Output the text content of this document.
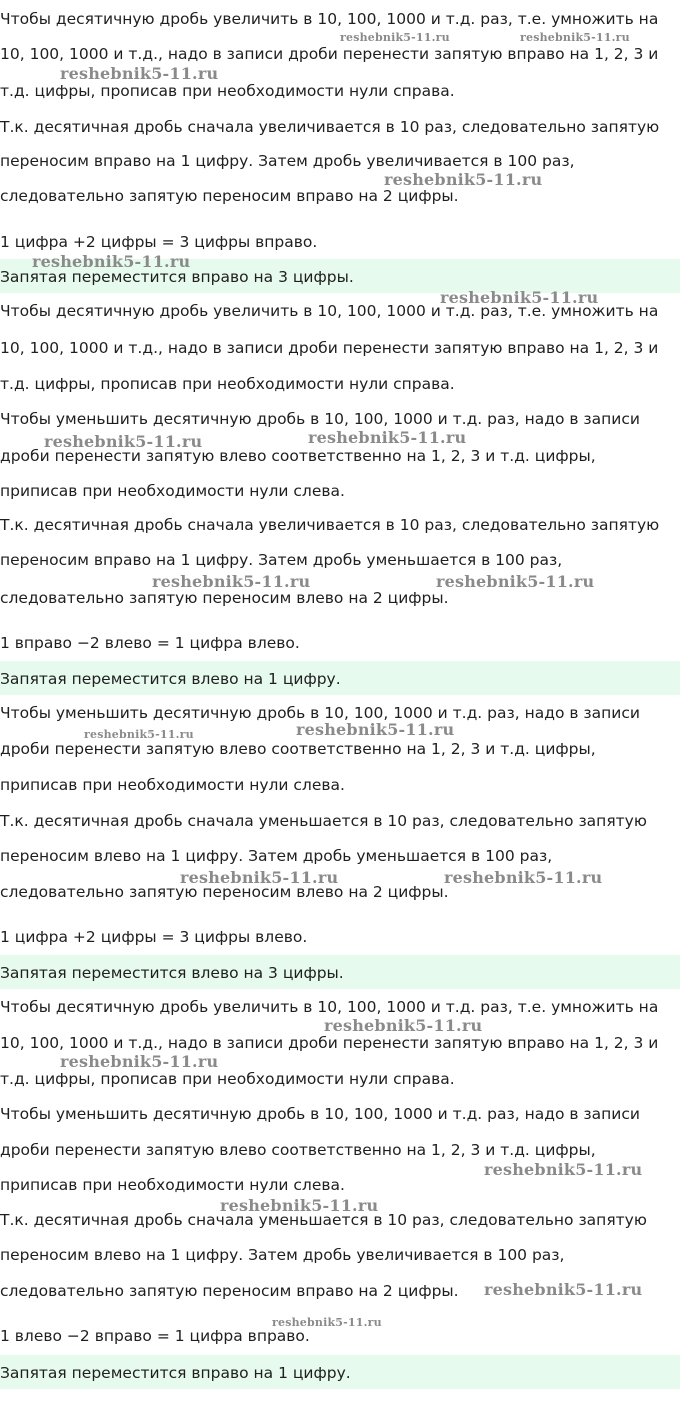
Чтобы десятичную дробь увеличить в 10, 100, 1000 и т.д. раз, т.е. умножить на
10, 100, 1000 и т.д., надо в записи дроби перенести запятую вправо на 1, 2, 3 и
т.д. цифры, прописав при необходимости нули справа.
Т.к. десятичная дробь сначала увеличивается в 10 раз, следовательно запятую
переносим вправо на 1 цифру. Затем дробь увеличивается в 100 раз,
следовательно запятую переносим вправо на 2 цифры.
1 цифра +2 цифры = 3 цифры вправо.
Запятая переместится вправо на 3 цифры.
Чтобы десятичную дробь увеличить в 10, 100, 1000 и т.д. раз, т.е. умножить на
10, 100, 1000 и т.д., надо в записи дроби перенести запятую вправо на 1, 2, 3 и
т.д. цифры, прописав при необходимости нули справа.
Чтобы уменьшить десятичную дробь в 10, 100, 1000 и т.д. раз, надо в записи
дроби перенести запятую влево соответственно на 1, 2, 3 и т.д. цифры,
приписав при необходимости нули слева.
Т.к. десятичная дробь сначала увеличивается в 10 раз, следовательно запятую
переносим вправо на 1 цифру. Затем дробь уменьшается в 100 раз,
следовательно запятую переносим влево на 2 цифры.
1 вправо −2 влево = 1 цифра влево.
Запятая переместится влево на 1 цифру.
Чтобы уменьшить десятичную дробь в 10, 100, 1000 и т.д. раз, надо в записи
дроби перенести запятую влево соответственно на 1, 2, 3 и т.д. цифры,
приписав при необходимости нули слева.
Т.к. десятичная дробь сначала уменьшается в 10 раз, следовательно запятую
переносим влево на 1 цифру. Затем дробь уменьшается в 100 раз,
следовательно запятую переносим влево на 2 цифры.
1 цифра +2 цифры = 3 цифры влево.
Запятая переместится влево на 3 цифры.
Чтобы десятичную дробь увеличить в 10, 100, 1000 и т.д. раз, т.е. умножить на
10, 100, 1000 и т.д., надо в записи дроби перенести запятую вправо на 1, 2, 3 и
т.д. цифры, прописав при необходимости нули справа.
Чтобы уменьшить десятичную дробь в 10, 100, 1000 и т.д. раз, надо в записи
дроби перенести запятую влево соответственно на 1, 2, 3 и т.д. цифры,
приписав при необходимости нули слева.
Т.к. десятичная дробь сначала уменьшается в 10 раз, следовательно запятую
переносим влево на 1 цифру. Затем дробь увеличивается в 100 раз,
следовательно запятую переносим вправо на 2 цифры.
1 влево −2 вправо = 1 цифра вправо.
Запятая переместится вправо на 1 цифру.
reshebnik5-11.ru	reshebnik5-11.ru
reshebnik5-11.ru
reshebnik5-11.ru
reshebnik5-11.ru
reshebnik5-11.ru
reshebnik5-11.ru	reshebnik5-11.ru
reshebnik5-11.ru	reshebnik5-11.ru
reshebnik5-11.ru	reshebnik5-11.ru
reshebnik5-11.ru	reshebnik5-11.ru
reshebnik5-11.ru
reshebnik5-11.ru
reshebnik5-11.ru
reshebnik5-11.ru
reshebnik5-11.ru
reshebnik5-11.ru
